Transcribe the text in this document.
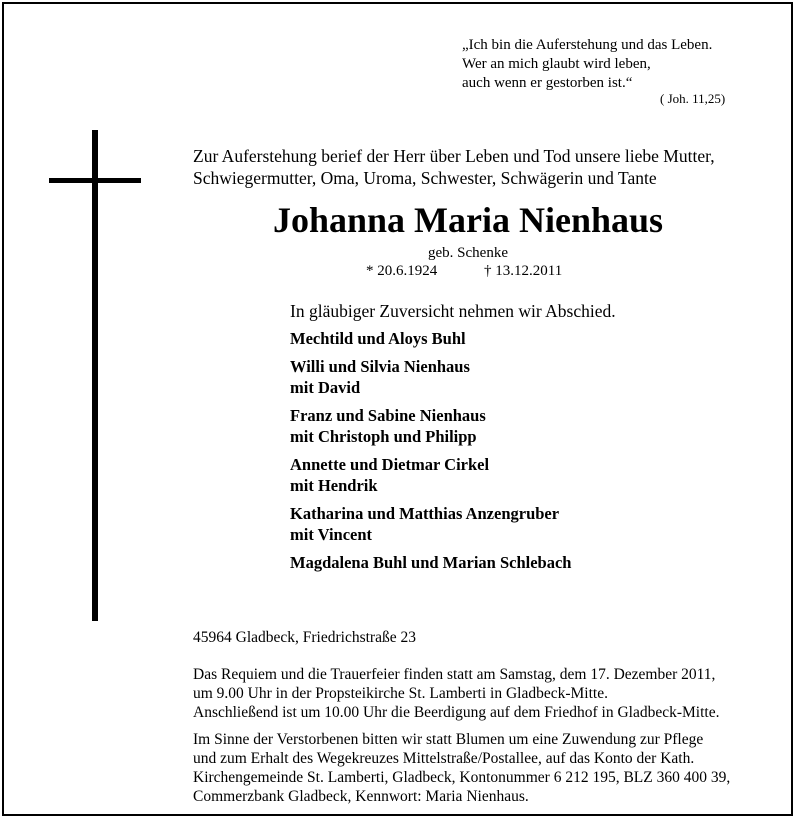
„Ich bin die Auferstehung und das Leben.
Wer an mich glaubt wird leben,
auch wenn er gestorben ist.“
( Joh. 11,25)
Zur Auferstehung berief der Herr über Leben und Tod unsere liebe Mutter,
Schwiegermutter, Oma, Uroma, Schwester, Schwägerin und Tante
Johanna Maria Nienhaus
geb. Schenke
* 20.6.1924	† 13.12.2011
In gläubiger Zuversicht nehmen wir Abschied.
Mechtild und Aloys Buhl
Willi und Silvia Nienhaus
mit David
Franz und Sabine Nienhaus
mit Christoph und Philipp
Annette und Dietmar Cirkel
mit Hendrik
Katharina und Matthias Anzengruber
mit Vincent
Magdalena Buhl und Marian Schlebach
45964 Gladbeck, Friedrichstraße 23
Das Requiem und die Trauerfeier finden statt am Samstag, dem 17. Dezember 2011,
um 9.00 Uhr in der Propsteikirche St. Lamberti in Gladbeck-Mitte.
Anschließend ist um 10.00 Uhr die Beerdigung auf dem Friedhof in Gladbeck-Mitte.
Im Sinne der Verstorbenen bitten wir statt Blumen um eine Zuwendung zur Pflege
und zum Erhalt des Wegekreuzes Mittelstraße/Postallee, auf das Konto der Kath.
Kirchengemeinde St. Lamberti, Gladbeck, Kontonummer 6 212 195, BLZ 360 400 39,
Commerzbank Gladbeck, Kennwort: Maria Nienhaus.
